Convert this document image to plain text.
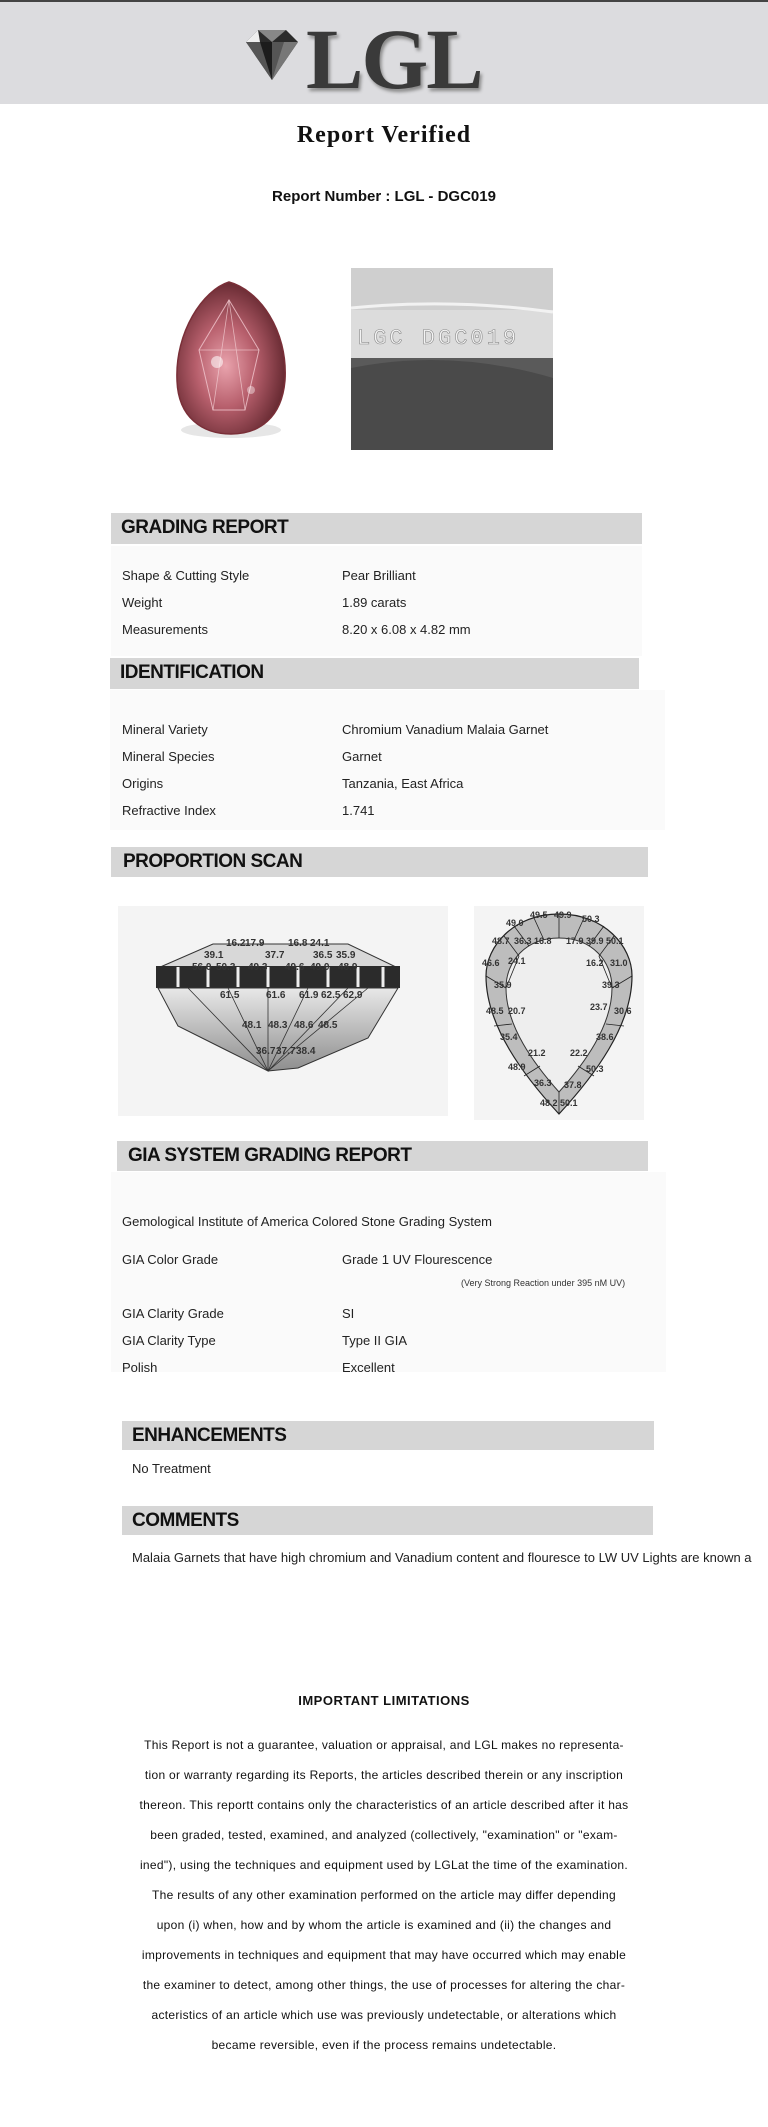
LGL
Report Verified
Report Number : LGL - DGC019
LGC DGC019
GRADING REPORT
Shape & Cutting Style	Pear Brilliant
Weight	1.89 carats
Measurements	8.20 x 6.08 x 4.82 mm
IDENTIFICATION
Mineral Variety	Chromium Vanadium Malaia Garnet
Mineral Species	Garnet
Origins	Tanzania, East Africa
Refractive Index	1.741
PROPORTION SCAN
16.2 17.9 16.8 24.1
39.1	37.7	36.5 35.9
56.0 50.3 49.3 49.6 49.0 48.9
61.5	61.6 61.9 62.5 62.9
48.1 48.3 48.6 48.5
36.7 37.7 38.4
49.5 49.9 50.3
49.0
48.7 36.3 16.8 17.9 39.9 50.1
46.6 24.1	16.2 31.0
35.9	39.3
48.5	23.7 30.6
20.7
35.4	38.6
21.2	22.2
48.9	50.3
36.3 37.8
48.2 50.1
GIA SYSTEM GRADING REPORT
Gemological Institute of America Colored Stone Grading System
GIA Color Grade	Grade 1 UV Flourescence
(Very Strong Reaction under 395 nM UV)
GIA Clarity Grade	SI
GIA Clarity Type	Type II GIA
Polish	Excellent
ENHANCEMENTS
No Treatment
COMMENTS
Malaia Garnets that have high chromium and Vanadium content and flouresce to LW UV Lights are known a
IMPORTANT LIMITATIONS
This Report is not a guarantee, valuation or appraisal, and LGL makes no representa-
tion or warranty regarding its Reports, the articles described therein or any inscription
thereon. This reportt contains only the characteristics of an article described after it has
been graded, tested, examined, and analyzed (collectively, "examination" or "exam-
ined"), using the techniques and equipment used by LGLat the time of the examination.
The results of any other examination performed on the article may differ depending
upon (i) when, how and by whom the article is examined and (ii) the changes and
improvements in techniques and equipment that may have occurred which may enable
the examiner to detect, among other things, the use of processes for altering the char-
acteristics of an article which use was previously undetectable, or alterations which
became reversible, even if the process remains undetectable.
